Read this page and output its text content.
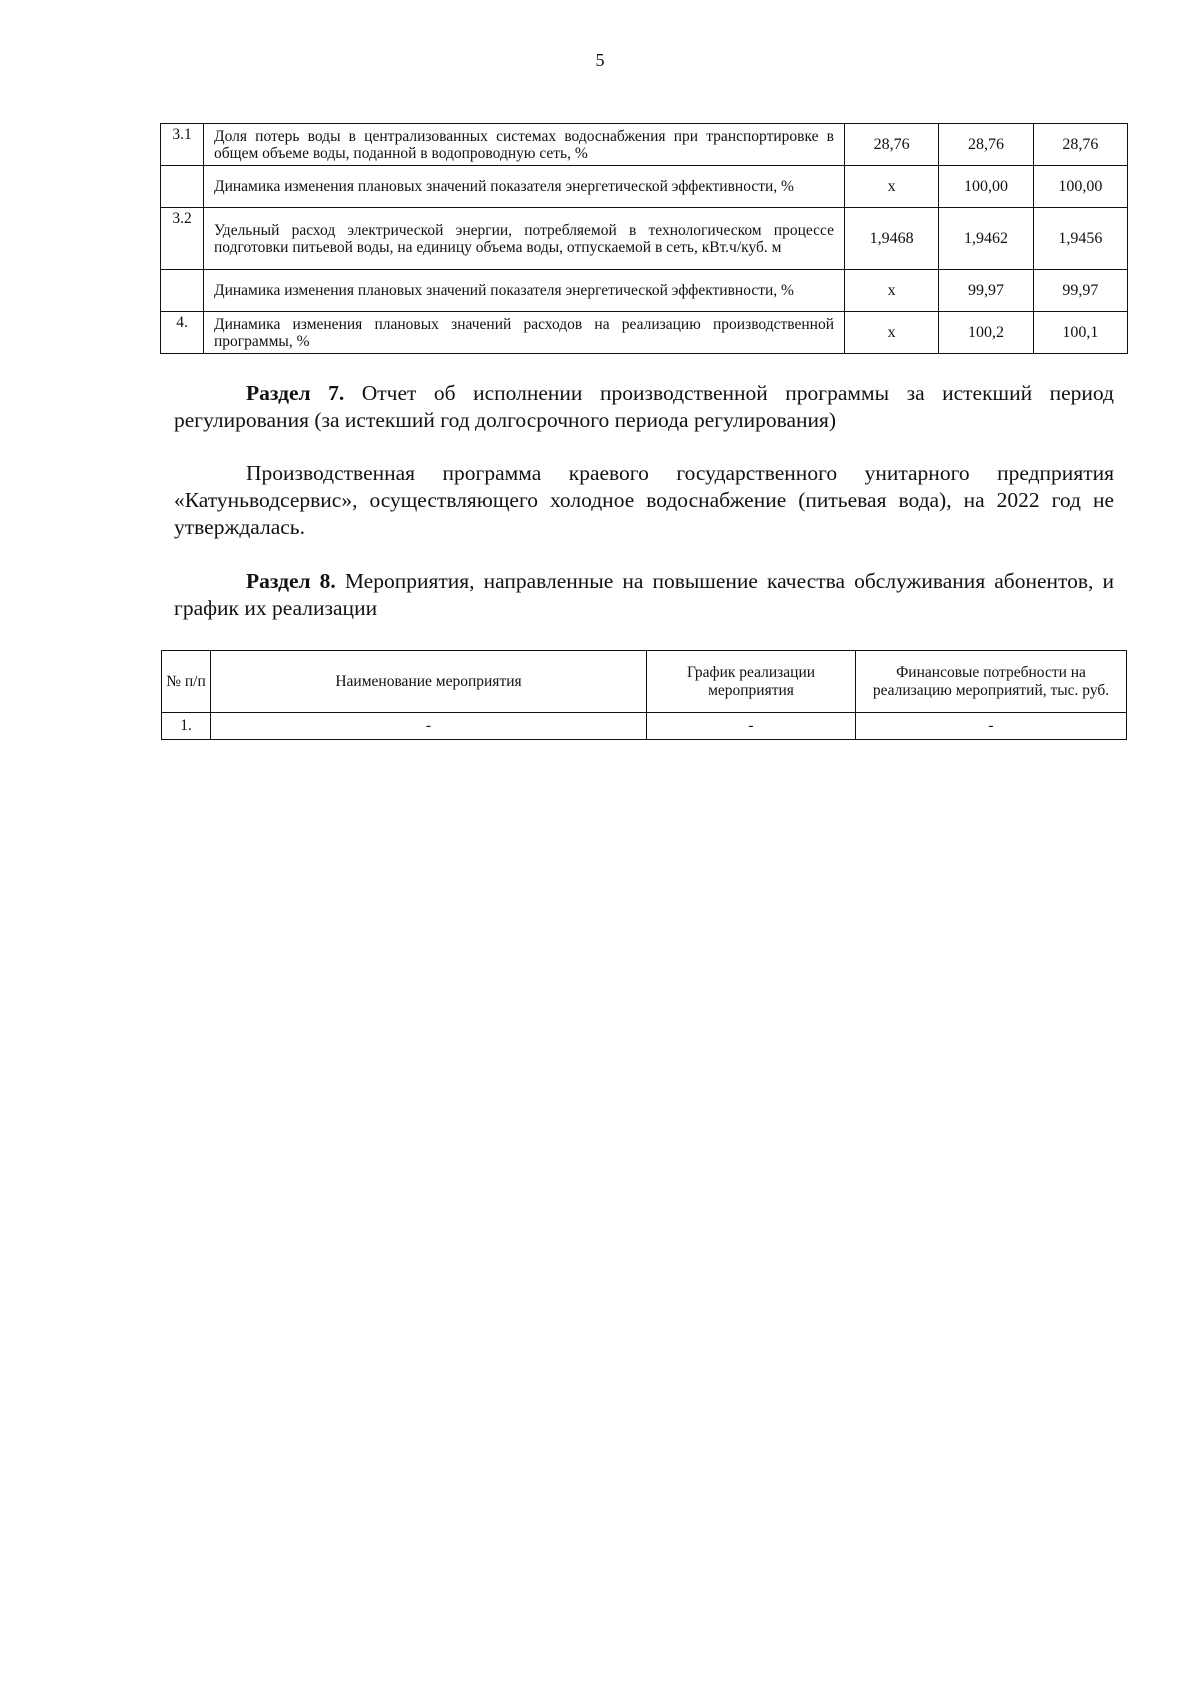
5
3.1	Доля потерь воды в централизованных системах водоснабжения при транспортировке в общем объеме воды, поданной в водопроводную сеть, %	28,76	28,76	28,76
	Динамика изменения плановых значений показателя энергетической эффективности, %	x	100,00	100,00
3.2	Удельный расход электрической энергии, потребляемой в технологическом процессе подготовки питьевой воды, на единицу объема воды, отпускаемой в сеть, кВт.ч/куб. м	1,9468	1,9462	1,9456
	Динамика изменения плановых значений показателя энергетической эффективности, %	x	99,97	99,97
4.	Динамика изменения плановых значений расходов на реализацию производственной программы, %	x	100,2	100,1
Раздел 7. Отчет об исполнении производственной программы за истекший период регулирования (за истекший год долгосрочного периода регулирования)
Производственная программа краевого государственного унитарного предприятия «Катуньводсервис», осуществляющего холодное водоснабжение (питьевая вода), на 2022 год не утверждалась.
Раздел 8. Мероприятия, направленные на повышение качества обслуживания абонентов, и график их реализации
№ п/п	Наименование мероприятия	График реализации мероприятия	Финансовые потребности на реализацию мероприятий, тыс. руб.
1.	-	-	-
